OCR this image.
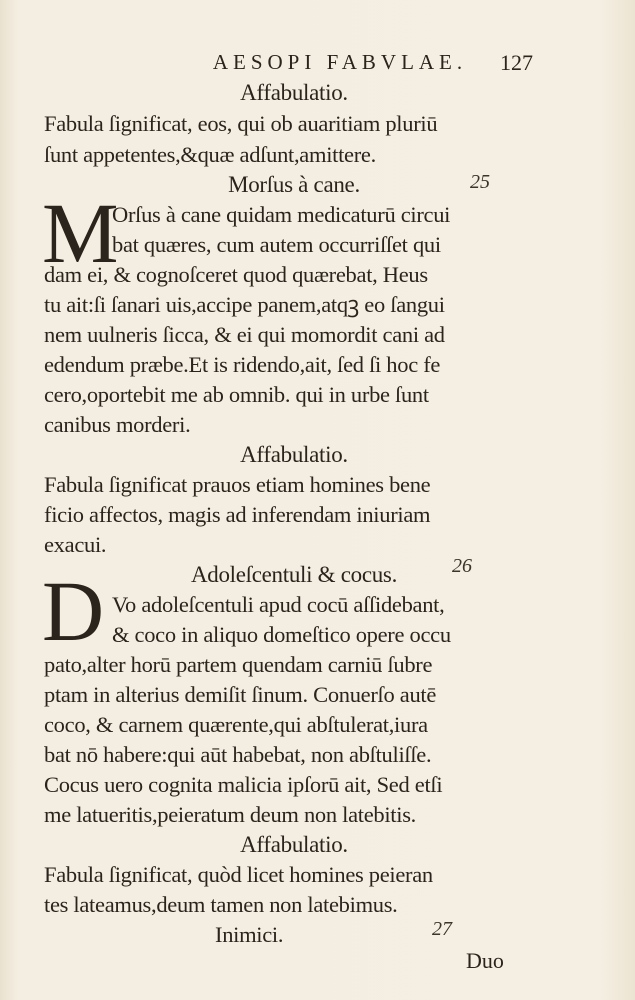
AESOPI FABVLAE.	127
Affabulatio.
Fabula ſignificat, eos, qui ob auaritiam pluriū
ſunt appetentes,&quæ adſunt,amittere.
Morſus à cane.	25
M
Orſus à cane quidam medicaturū circui
bat quæres, cum autem occurriſſet qui
dam ei, & cognoſceret quod quærebat, Heus
tu ait:ſi ſanari uis,accipe panem,atqꝫ eo ſangui
nem uulneris ſicca, & ei qui momordit cani ad
edendum præbe.Et is ridendo,ait, ſed ſi hoc fe
cero,oportebit me ab omnib. qui in urbe ſunt
canibus morderi.
Affabulatio.
Fabula ſignificat prauos etiam homines bene
ficio affectos, magis ad inferendam iniuriam
exacui.
Adoleſcentuli & cocus.	26
D Vo adoleſcentuli apud cocū aſſidebant,
& coco in aliquo domeſtico opere occu
pato,alter horū partem quendam carniū ſubre
ptam in alterius demiſit ſinum. Conuerſo autē
coco, & carnem quærente,qui abſtulerat,iura
bat nō habere:qui aūt habebat, non abſtuliſſe.
Cocus uero cognita malicia ipſorū ait, Sed etſi
me latueritis,peieratum deum non latebitis.
Affabulatio.
Fabula ſignificat, quòd licet homines peieran
tes lateamus,deum tamen non latebimus.
Inimici.	27
Duo
